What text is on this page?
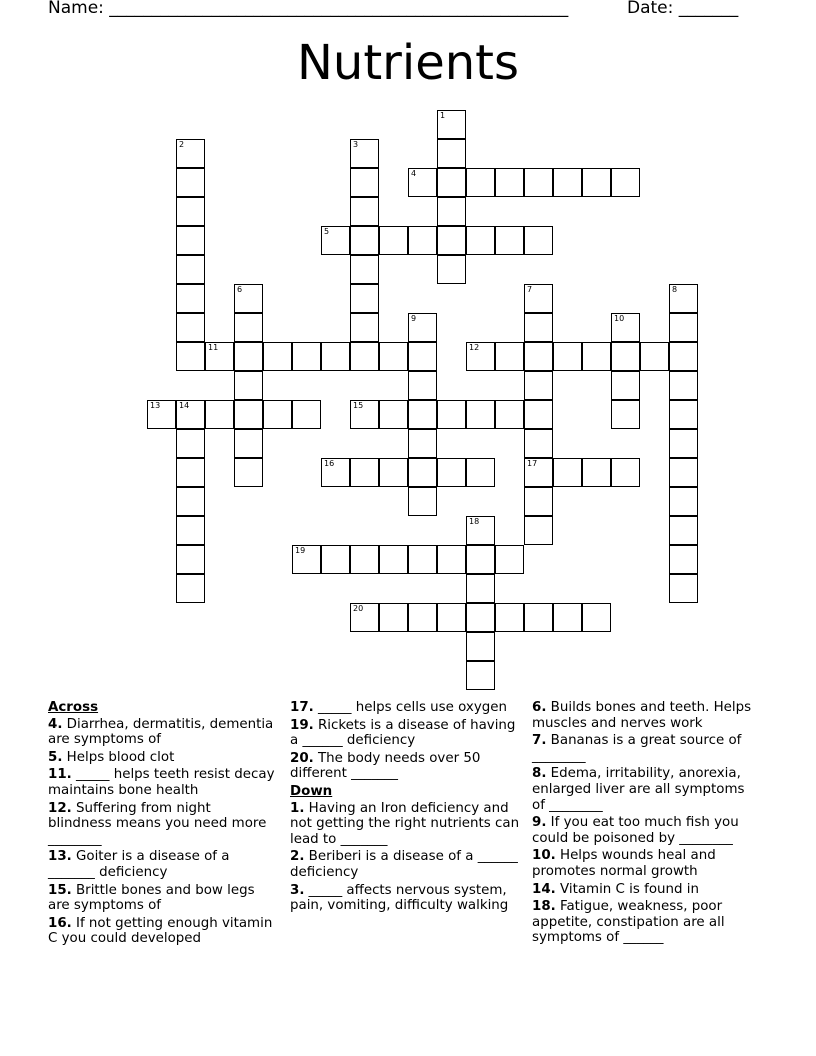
Name: ______________________________________________________	Date: _______
Nutrients
1
2	3
4
5
6	7
17
8
9	10
11	12
13 14	15
16
18
19
20
Across
4. Diarrhea, dermatitis, dementia are symptoms of
5. Helps blood clot
11. _____ helps teeth resist decay maintains bone health
12. Suffering from night blindness means you need more ________
13. Goiter is a disease of a _______ deficiency
15. Brittle bones and bow legs are symptoms of
16. If not getting enough vitamin C you could developed
17. _____ helps cells use oxygen
19. Rickets is a disease of having a ______ deficiency
20. The body needs over 50 different _______
Down
1. Having an Iron deficiency and not getting the right nutrients can lead to _______
2. Beriberi is a disease of a ______ deficiency
3. _____ affects nervous system, pain, vomiting, difficulty walking
6. Builds bones and teeth. Helps muscles and nerves work
7. Bananas is a great source of ________
8. Edema, irritability, anorexia, enlarged liver are all symptoms of ________
9. If you eat too much fish you could be poisoned by ________
10. Helps wounds heal and promotes normal growth
14. Vitamin C is found in
18. Fatigue, weakness, poor appetite, constipation are all symptoms of ______
